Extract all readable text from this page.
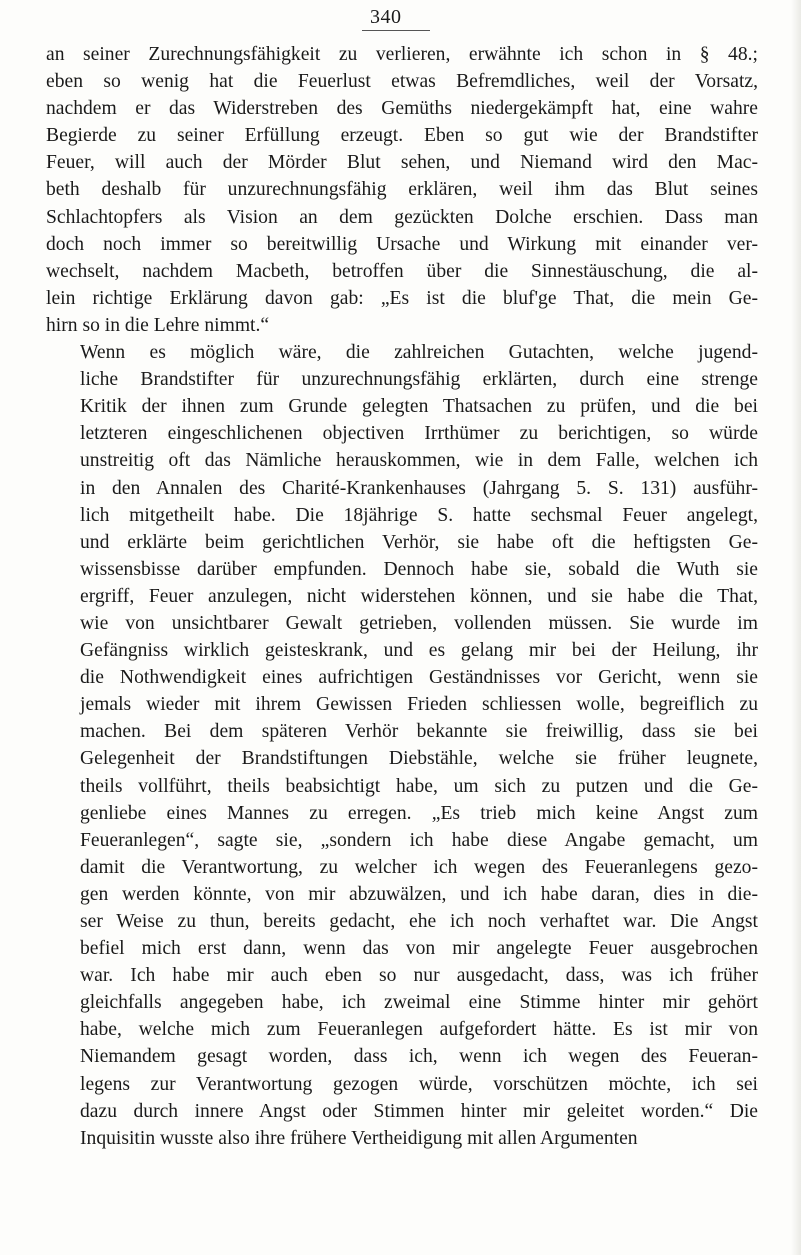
340

an seiner Zurechnungsfähigkeit zu verlieren, erwähnte ich schon in § 48.;
eben so wenig hat die Feuerlust etwas Befremdliches, weil der Vorsatz,
nachdem er das Widerstreben des Gemüths niedergekämpft hat, eine wahre
Begierde zu seiner Erfüllung erzeugt. Eben so gut wie der Brandstifter
Feuer, will auch der Mörder Blut sehen, und Niemand wird den Mac-
beth deshalb für unzurechnungsfähig erklären, weil ihm das Blut seines
Schlachtopfers als Vision an dem gezückten Dolche erschien. Dass man
doch noch immer so bereitwillig Ursache und Wirkung mit einander ver-
wechselt, nachdem Macbeth, betroffen über die Sinnestäuschung, die al-
lein richtige Erklärung davon gab: „Es ist die bluf'ge That, die mein Ge-
hirn so in die Lehre nimmt.“

Wenn es möglich wäre, die zahlreichen Gutachten, welche jugend-
liche Brandstifter für unzurechnungsfähig erklärten, durch eine strenge
Kritik der ihnen zum Grunde gelegten Thatsachen zu prüfen, und die bei
letzteren eingeschlichenen objectiven Irrthümer zu berichtigen, so würde
unstreitig oft das Nämliche herauskommen, wie in dem Falle, welchen ich
in den Annalen des Charité-Krankenhauses (Jahrgang 5. S. 131) ausführ-
lich mitgetheilt habe. Die 18jährige S. hatte sechsmal Feuer angelegt,
und erklärte beim gerichtlichen Verhör, sie habe oft die heftigsten Ge-
wissensbisse darüber empfunden. Dennoch habe sie, sobald die Wuth sie
ergriff, Feuer anzulegen, nicht widerstehen können, und sie habe die That,
wie von unsichtbarer Gewalt getrieben, vollenden müssen. Sie wurde im
Gefängniss wirklich geisteskrank, und es gelang mir bei der Heilung, ihr
die Nothwendigkeit eines aufrichtigen Geständnisses vor Gericht, wenn sie
jemals wieder mit ihrem Gewissen Frieden schliessen wolle, begreiflich zu
machen. Bei dem späteren Verhör bekannte sie freiwillig, dass sie bei
Gelegenheit der Brandstiftungen Diebstähle, welche sie früher leugnete,
theils vollführt, theils beabsichtigt habe, um sich zu putzen und die Ge-
genliebe eines Mannes zu erregen. „Es trieb mich keine Angst zum
Feueranlegen“, sagte sie, „sondern ich habe diese Angabe gemacht, um
damit die Verantwortung, zu welcher ich wegen des Feueranlegens gezo-
gen werden könnte, von mir abzuwälzen, und ich habe daran, dies in die-
ser Weise zu thun, bereits gedacht, ehe ich noch verhaftet war. Die Angst
befiel mich erst dann, wenn das von mir angelegte Feuer ausgebrochen
war. Ich habe mir auch eben so nur ausgedacht, dass, was ich früher
gleichfalls angegeben habe, ich zweimal eine Stimme hinter mir gehört
habe, welche mich zum Feueranlegen aufgefordert hätte. Es ist mir von
Niemandem gesagt worden, dass ich, wenn ich wegen des Feueran-
legens zur Verantwortung gezogen würde, vorschützen möchte, ich sei
dazu durch innere Angst oder Stimmen hinter mir geleitet worden.“ Die
Inquisitin wusste also ihre frühere Vertheidigung mit allen Argumenten
